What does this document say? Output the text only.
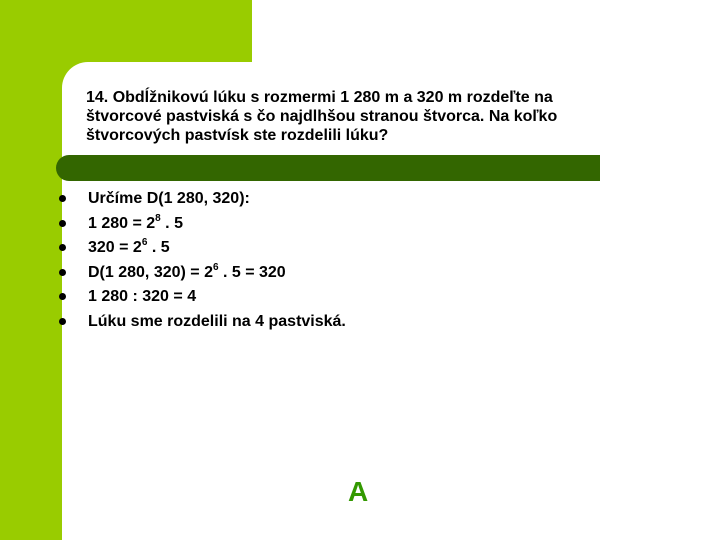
14. Obdĺžnikovú lúku s rozmermi 1 280 m a 320 m rozdeľte na
štvorcové pastviská s čo najdlhšou stranou štvorca. Na koľko
štvorcových pastvísk ste rozdelili lúku?
Určíme D(1 280, 320):
1 $280 = 2^8$ . 5
$320 = 2^6$ . 5
D(1 280, $320) = 2^6$ . 5 = 320
1 280 : 320 = 4
Lúku sme rozdelili na 4 pastviská.
A
